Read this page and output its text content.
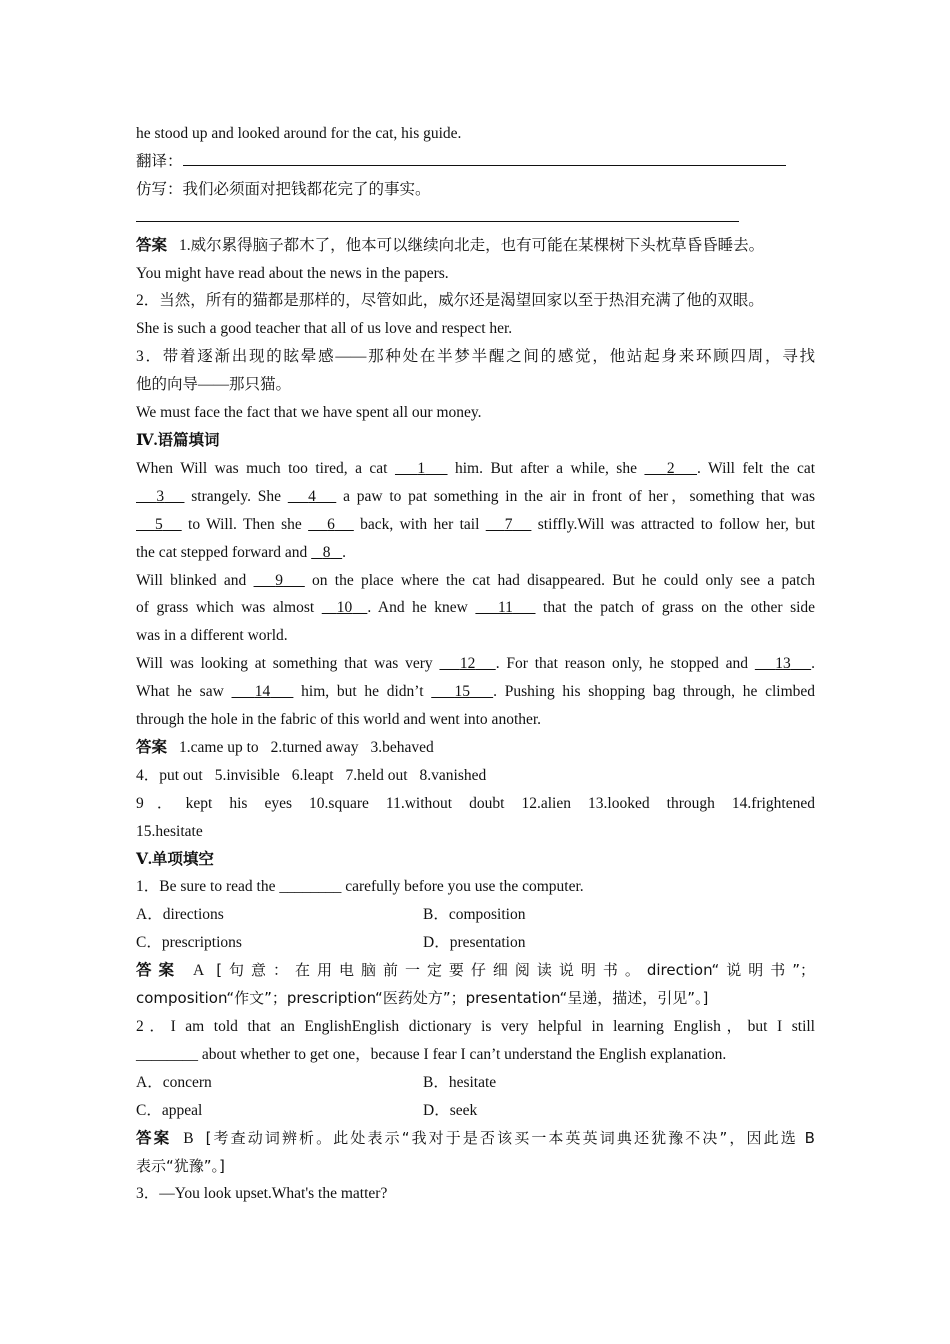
he stood up and looked around for the cat, his guide.
翻译：
仿写：我们必须面对把钱都花完了的事实。
答案 1.威尔累得脑子都木了，他本可以继续向北走，也有可能在某棵树下头枕草昏昏睡去。
You might have read about the news in the papers.
2．当然，所有的猫都是那样的，尽管如此，威尔还是渴望回家以至于热泪充满了他的双眼。
She is such a good teacher that all of us love and respect her.
3．带着逐渐出现的眩晕感——那种处在半梦半醒之间的感觉，他站起身来环顾四周，寻找
他的向导——那只猫。
We must face the fact that we have spent all our money.
Ⅳ.语篇填词
When Will was much too tired, a cat 1 him. But after a while, she 2 . Will felt the cat
3 strangely. She 4 a paw to pat something in the air in front of her，something that was
5 to Will. Then she 6 back, with her tail 7 stiffly.Will was attracted to follow her, but
the cat stepped forward and 8 .
Will blinked and 9 on the place where the cat had disappeared. But he could only see a patch
of grass which was almost 10 . And he knew 11 that the patch of grass on the other side
was in a different world.
Will was looking at something that was very 12 . For that reason only, he stopped and 13 .
What he saw 14 him, but he didn’t 15 . Pushing his shopping bag through, he climbed
through the hole in the fabric of this world and went into another.
答案 1.came up to 2.turned away 3.behaved
4．put out 5.invisible 6.leapt 7.held out 8.vanished
9．kept his eyes 10.square 11.without doubt 12.alien 13.looked through 14.frightened
15.hesitate
Ⅴ.单项填空
1．Be sure to read the ________ carefully before you use the computer.
A．directions	B．composition
C．prescriptions	D．presentation
答案 A [句意：在用电脑前一定要仔细阅读说明书。direction“说明书”；
composition“作文”；prescription“医药处方”；presentation“呈递，描述，引见”。]
2．I am told that an EnglishEnglish dictionary is very helpful in learning English，but I still
________ about whether to get one，because I fear I can’t understand the English explanation.
A．concern	B．hesitate
C．appeal	D．seek
答案 B [考查动词辨析。此处表示“我对于是否该买一本英英词典还犹豫不决”，因此选 B
表示“犹豫”。]
3．—You look upset.What's the matter?
